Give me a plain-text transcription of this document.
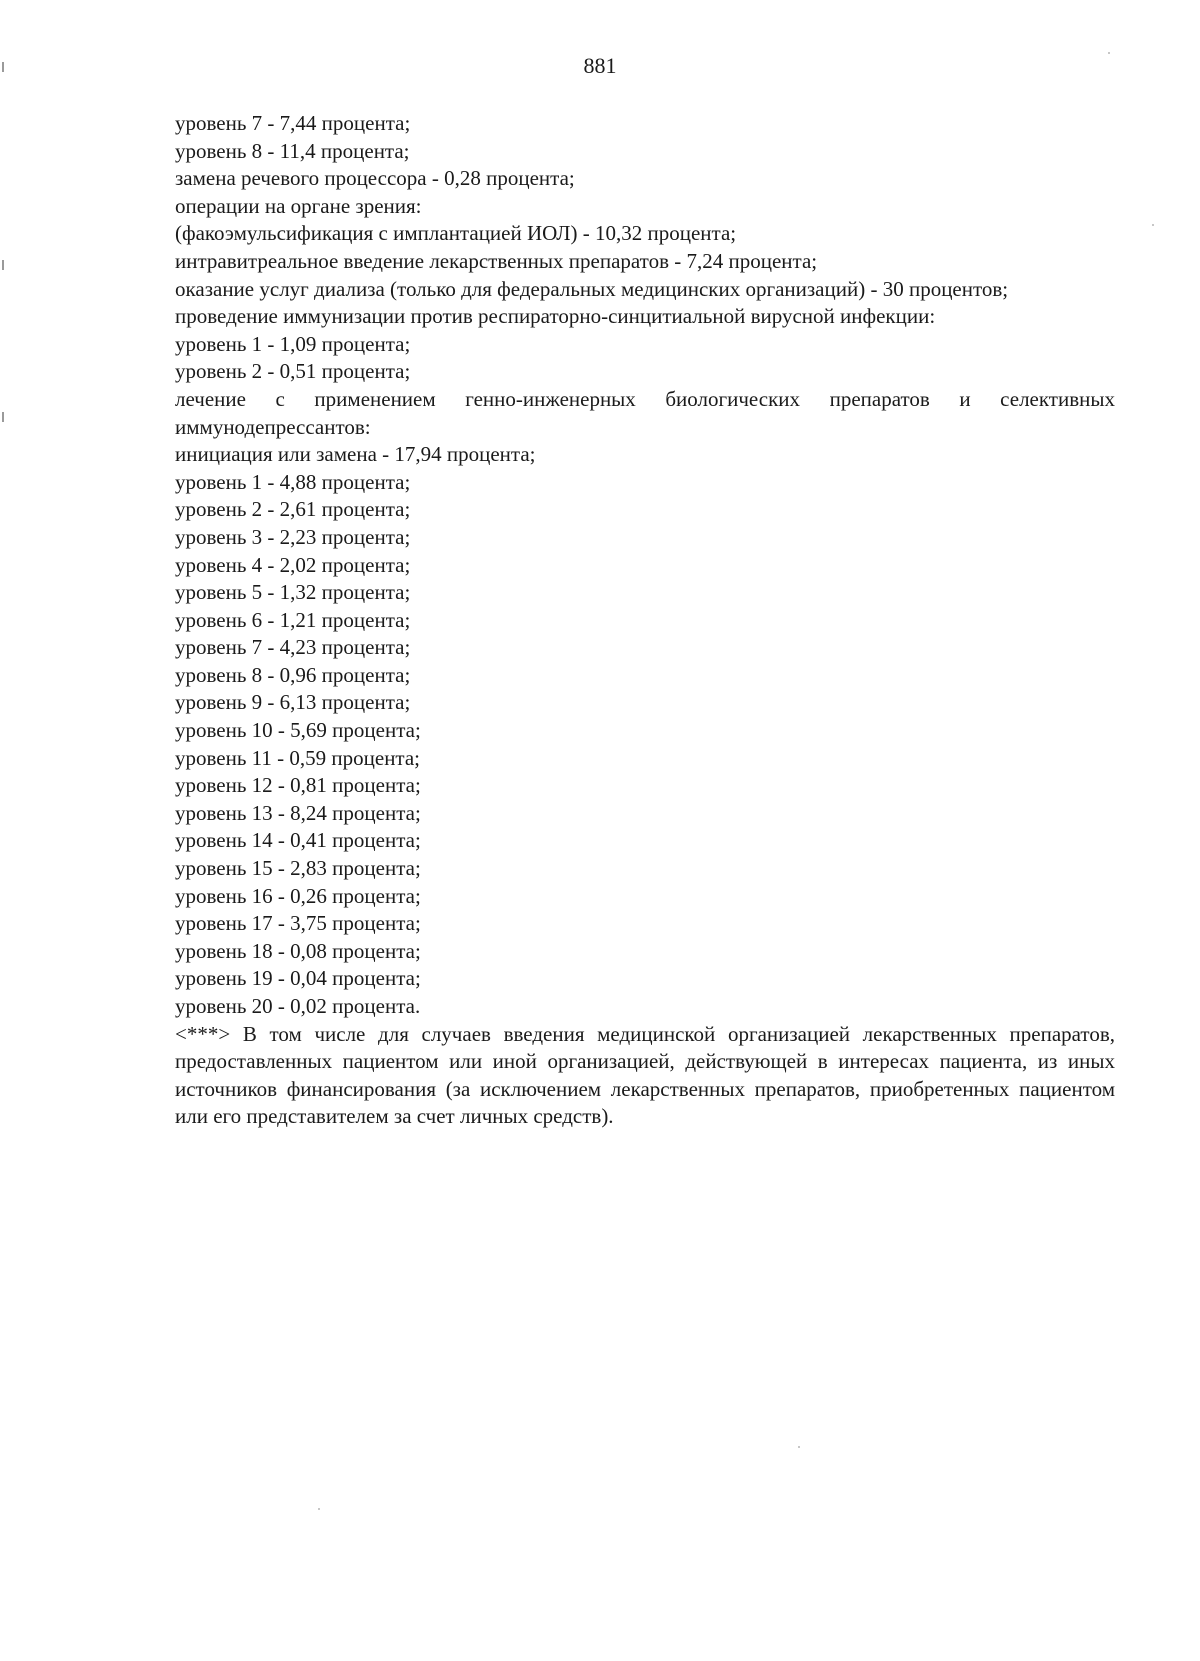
881
уровень 7 - 7,44 процента;
уровень 8 - 11,4 процента;
замена речевого процессора - 0,28 процента;
операции на органе зрения:
(факоэмульсификация с имплантацией ИОЛ) - 10,32 процента;
интравитреальное введение лекарственных препаратов - 7,24 процента;
оказание услуг диализа (только для федеральных медицинских организаций) - 30 процентов;
проведение иммунизации против респираторно-синцитиальной вирусной инфекции:
уровень 1 - 1,09 процента;
уровень 2 - 0,51 процента;
лечение с применением генно-инженерных биологических препаратов и селективных иммунодепрессантов:
инициация или замена - 17,94 процента;
уровень 1 - 4,88 процента;
уровень 2 - 2,61 процента;
уровень 3 - 2,23 процента;
уровень 4 - 2,02 процента;
уровень 5 - 1,32 процента;
уровень 6 - 1,21 процента;
уровень 7 - 4,23 процента;
уровень 8 - 0,96 процента;
уровень 9 - 6,13 процента;
уровень 10 - 5,69 процента;
уровень 11 - 0,59 процента;
уровень 12 - 0,81 процента;
уровень 13 - 8,24 процента;
уровень 14 - 0,41 процента;
уровень 15 - 2,83 процента;
уровень 16 - 0,26 процента;
уровень 17 - 3,75 процента;
уровень 18 - 0,08 процента;
уровень 19 - 0,04 процента;
уровень 20 - 0,02 процента.
<***> В том числе для случаев введения медицинской организацией лекарственных препаратов, предоставленных пациентом или иной организацией, действующей в интересах пациента, из иных источников финансирования (за исключением лекарственных препаратов, приобретенных пациентом или его представителем за счет личных средств).
